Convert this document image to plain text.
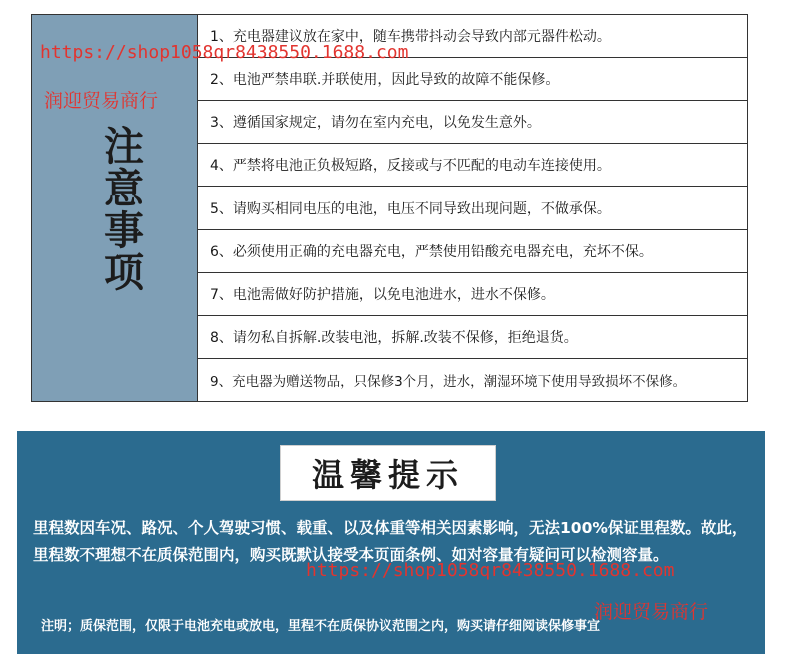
注意事项
1、充电器建议放在家中，随车携带抖动会导致内部元器件松动。
2、电池严禁串联.并联使用，因此导致的故障不能保修。
3、遵循国家规定，请勿在室内充电，以免发生意外。
4、严禁将电池正负极短路，反接或与不匹配的电动车连接使用。
5、请购买相同电压的电池，电压不同导致出现问题，不做承保。
6、必须使用正确的充电器充电，严禁使用铅酸充电器充电，充坏不保。
7、电池需做好防护措施，以免电池进水，进水不保修。
8、请勿私自拆解.改装电池，拆解.改装不保修，拒绝退货。
9、充电器为赠送物品，只保修3个月，进水，潮湿环境下使用导致损坏不保修。
温馨提示
里程数因车况、路况、个人驾驶习惯、载重、以及体重等相关因素影响，无法100%保证里程数。故此，里程数不理想不在质保范围内，购买既默认接受本页面条例、如对容量有疑问可以检测容量。
注明；质保范围，仅限于电池充电或放电，里程不在质保协议范围之内，购买请仔细阅读保修事宜
https://shop1058qr8438550.1688.com
润迎贸易商行
https://shop1058qr8438550.1688.com
润迎贸易商行
